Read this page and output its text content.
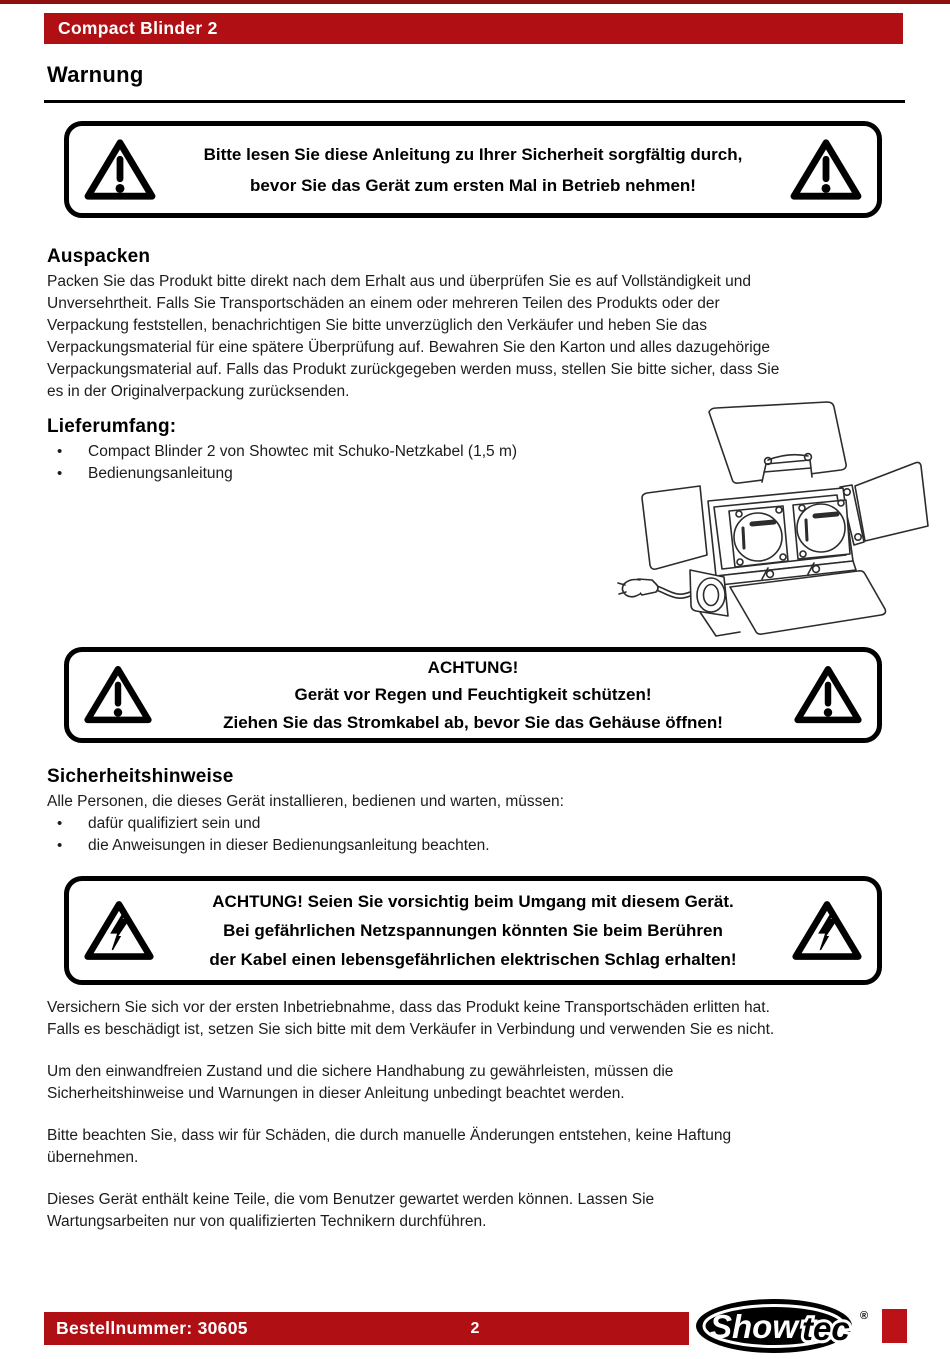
Compact Blinder 2
Warnung
Bitte lesen Sie diese Anleitung zu Ihrer Sicherheit sorgfältig durch,
bevor Sie das Gerät zum ersten Mal in Betrieb nehmen!
Auspacken
Packen Sie das Produkt bitte direkt nach dem Erhalt aus und überprüfen Sie es auf Vollständigkeit und
Unversehrtheit. Falls Sie Transportschäden an einem oder mehreren Teilen des Produkts oder der
Verpackung feststellen, benachrichtigen Sie bitte unverzüglich den Verkäufer und heben Sie das
Verpackungsmaterial für eine spätere Überprüfung auf. Bewahren Sie den Karton und alles dazugehörige
Verpackungsmaterial auf. Falls das Produkt zurückgegeben werden muss, stellen Sie bitte sicher, dass Sie
es in der Originalverpackung zurücksenden.
Lieferumfang:
•	Compact Blinder 2 von Showtec mit Schuko-Netzkabel (1,5 m)
•	Bedienungsanleitung
ACHTUNG!
Gerät vor Regen und Feuchtigkeit schützen!
Ziehen Sie das Stromkabel ab, bevor Sie das Gehäuse öffnen!
Sicherheitshinweise
Alle Personen, die dieses Gerät installieren, bedienen und warten, müssen:
•	dafür qualifiziert sein und
•	die Anweisungen in dieser Bedienungsanleitung beachten.
ACHTUNG! Seien Sie vorsichtig beim Umgang mit diesem Gerät.
Bei gefährlichen Netzspannungen könnten Sie beim Berühren
der Kabel einen lebensgefährlichen elektrischen Schlag erhalten!
Versichern Sie sich vor der ersten Inbetriebnahme, dass das Produkt keine Transportschäden erlitten hat.
Falls es beschädigt ist, setzen Sie sich bitte mit dem Verkäufer in Verbindung und verwenden Sie es nicht.
Um den einwandfreien Zustand und die sichere Handhabung zu gewährleisten, müssen die
Sicherheitshinweise und Warnungen in dieser Anleitung unbedingt beachtet werden.
Bitte beachten Sie, dass wir für Schäden, die durch manuelle Änderungen entstehen, keine Haftung
übernehmen.
Dieses Gerät enthält keine Teile, die vom Benutzer gewartet werden können. Lassen Sie
Wartungsarbeiten nur von qualifizierten Technikern durchführen.
Bestellnummer: 30605	2	Show tec ®
